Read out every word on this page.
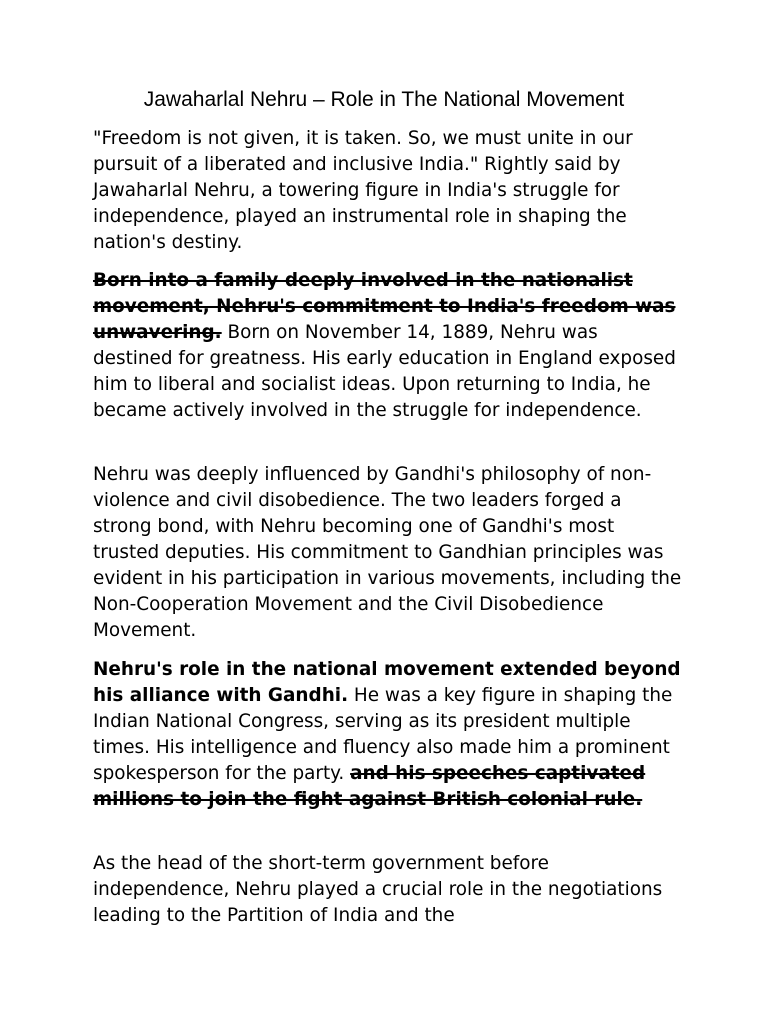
Jawaharlal Nehru – Role in The National Movement

"Freedom is not given, it is taken. So, we must unite in our pursuit of a liberated and inclusive India." Rightly said by Jawaharlal Nehru, a towering figure in India's struggle for independence, played an instrumental role in shaping the nation's destiny.

Born into a family deeply involved in the nationalist movement, Nehru's commitment to India's freedom was unwavering. Born on November 14, 1889, Nehru was destined for greatness. His early education in England exposed him to liberal and socialist ideas. Upon returning to India, he became actively involved in the struggle for independence.

Nehru was deeply influenced by Gandhi's philosophy of non-violence and civil disobedience. The two leaders forged a strong bond, with Nehru becoming one of Gandhi's most trusted deputies. His commitment to Gandhian principles was evident in his participation in various movements, including the Non-Cooperation Movement and the Civil Disobedience Movement.

Nehru's role in the national movement extended beyond his alliance with Gandhi. He was a key figure in shaping the Indian National Congress, serving as its president multiple times. His intelligence and fluency also made him a prominent spokesperson for the party. and his speeches captivated millions to join the fight against British colonial rule.

As the head of the short-term government before independence, Nehru played a crucial role in the negotiations leading to the Partition of India and the
